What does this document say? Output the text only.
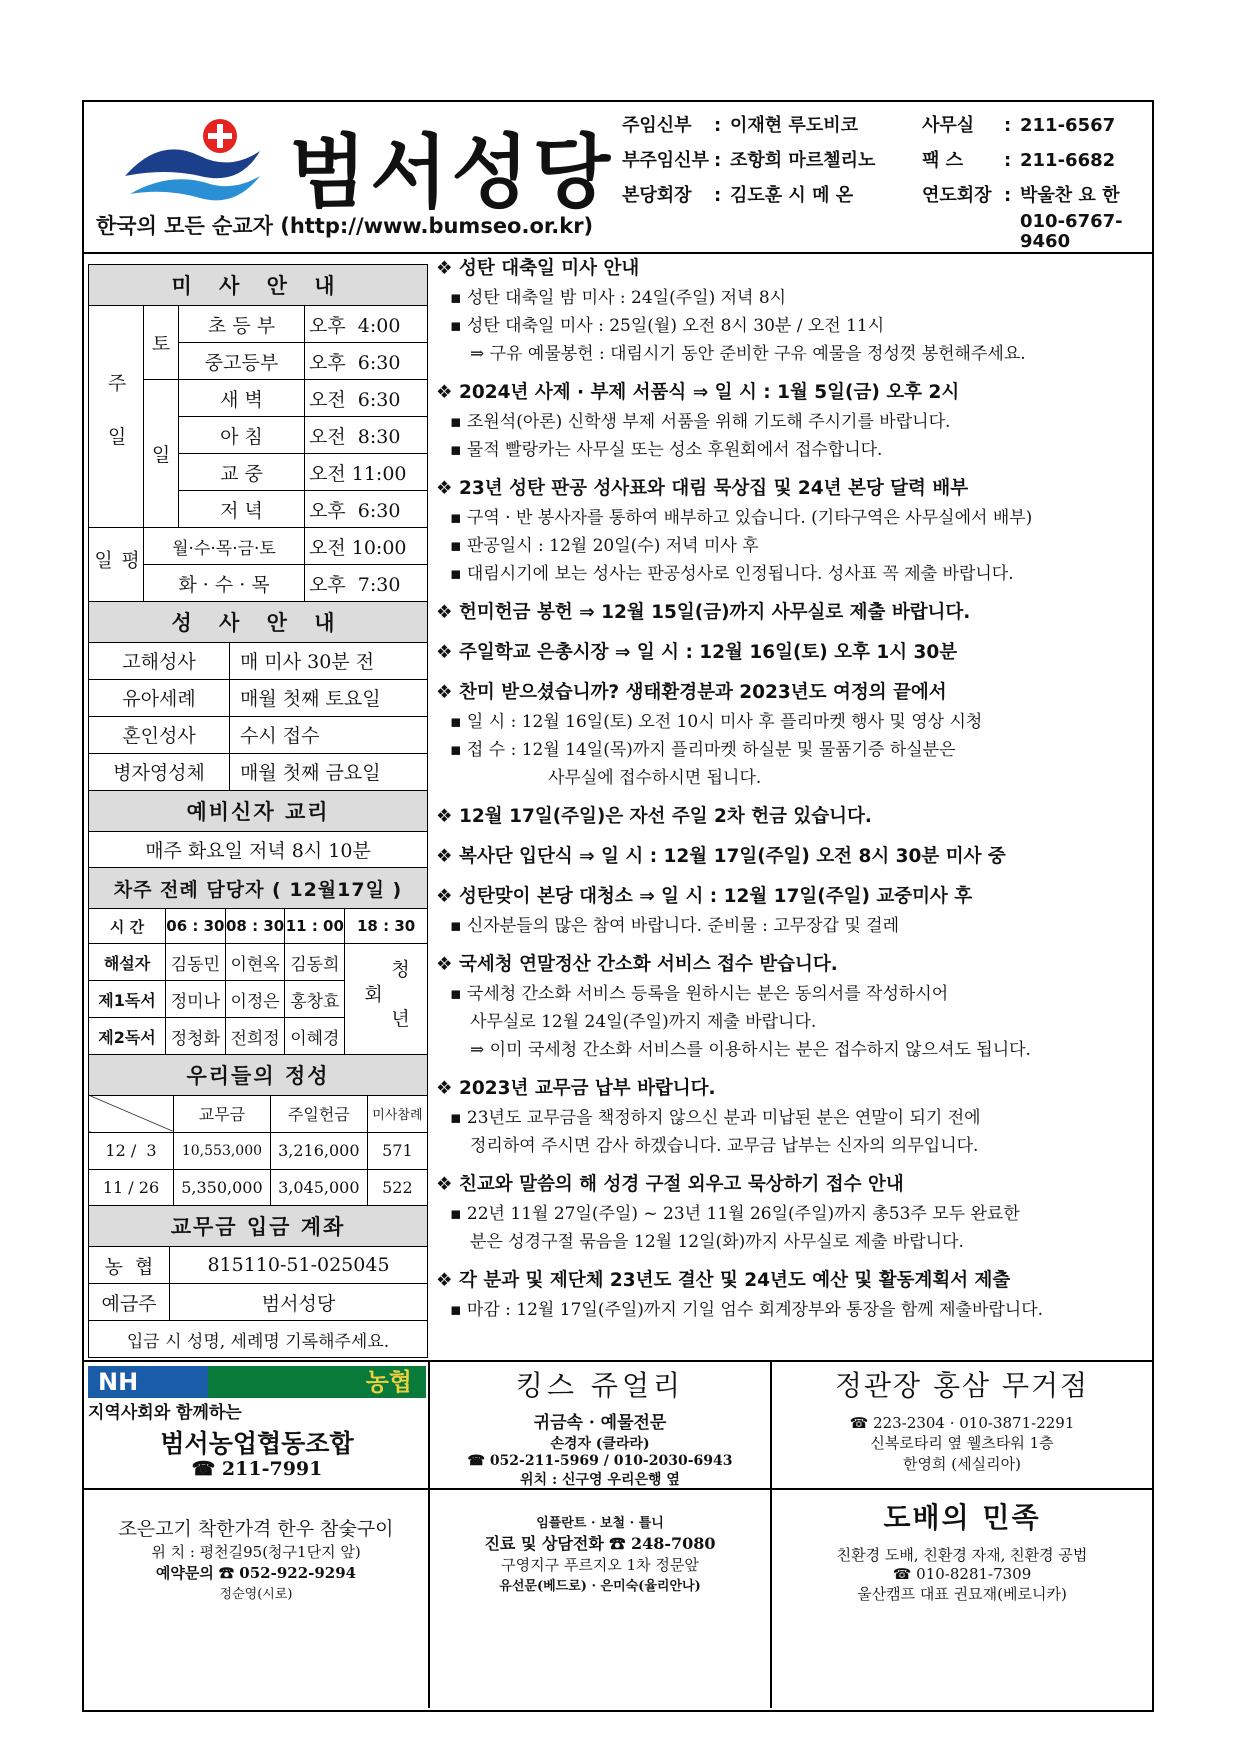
범서성당
한국의 모든 순교자 (http://www.bumseo.or.kr)
주임신부 : 이재현 루도비코	사무실 : 211-6567
부주임신부 : 조항희 마르첼리노	팩 스 : 211-6682
본당회장 : 김도훈 시 메 온	연도회장 : 박울찬 요 한
010-6767-9460
미 사 안 내			
주 일	토	초 등 부	오후  4:00
		중고등부	오후  6:30
	일	새 벽	오전  6:30
		아 침	오전  8:30
		교 중	오전 11:00
		저 녁	오후  6:30
평 일	월·수·목·금·토		오전 10:00
	화 · 수 · 목		오후  7:30
성 사 안 내	
고해성사	매 미사 30분 전
유아세례	매월 첫째 토요일
혼인성사	수시 접수
병자영성체	매월 첫째 금요일
예비신자 교리	
매주 화요일 저녁 8시 10분	
차주 전례 담당자 ( 12월17일 )				
시 간	06 : 30	08 : 30	11 : 00	18 : 30
해설자	김동민	이현옥	김동희	청 년 회
제1독서	정미나	이정은	홍창효	
제2독서	정청화	전희정	이혜경	
우리들의 정성			
	교무금	주일헌금	미사참례
12 /  3	10,553,000	3,216,000	571
11 / 26	5,350,000	3,045,000	522
교무금 입금 계좌	
농  협	815110-51-025045
예금주	범서성당
입금 시 성명, 세례명 기록해주세요.	
❖ 성탄 대축일 미사 안내
▪ 성탄 대축일 밤 미사 : 24일(주일) 저녁 8시
▪ 성탄 대축일 미사 : 25일(월) 오전 8시 30분 / 오전 11시
⇒ 구유 예물봉헌 : 대림시기 동안 준비한 구유 예물을 정성껏 봉헌해주세요.
❖ 2024년 사제 · 부제 서품식 ⇒ 일 시 : 1월 5일(금) 오후 2시
▪ 조원석(아론) 신학생 부제 서품을 위해 기도해 주시기를 바랍니다.
▪ 물적 빨랑카는 사무실 또는 성소 후원회에서 접수합니다.
❖ 23년 성탄 판공 성사표와 대림 묵상집 및 24년 본당 달력 배부
▪ 구역 · 반 봉사자를 통하여 배부하고 있습니다. (기타구역은 사무실에서 배부)
▪ 판공일시 : 12월 20일(수) 저녁 미사 후
▪ 대림시기에 보는 성사는 판공성사로 인정됩니다. 성사표 꼭 제출 바랍니다.
❖ 헌미헌금 봉헌 ⇒ 12월 15일(금)까지 사무실로 제출 바랍니다.
❖ 주일학교 은총시장 ⇒ 일 시 : 12월 16일(토) 오후 1시 30분
❖ 찬미 받으셨습니까? 생태환경분과 2023년도 여정의 끝에서
▪ 일 시 : 12월 16일(토) 오전 10시 미사 후 플리마켓 행사 및 영상 시청
▪ 접 수 : 12월 14일(목)까지 플리마켓 하실분 및 물품기증 하실분은
사무실에 접수하시면 됩니다.
❖ 12월 17일(주일)은 자선 주일 2차 헌금 있습니다.
❖ 복사단 입단식 ⇒ 일 시 : 12월 17일(주일) 오전 8시 30분 미사 중
❖ 성탄맞이 본당 대청소 ⇒ 일 시 : 12월 17일(주일) 교중미사 후
▪ 신자분들의 많은 참여 바랍니다. 준비물 : 고무장갑 및 걸레
❖ 국세청 연말정산 간소화 서비스 접수 받습니다.
▪ 국세청 간소화 서비스 등록을 원하시는 분은 동의서를 작성하시어
사무실로 12월 24일(주일)까지 제출 바랍니다.
⇒ 이미 국세청 간소화 서비스를 이용하시는 분은 접수하지 않으셔도 됩니다.
❖ 2023년 교무금 납부 바랍니다.
▪ 23년도 교무금을 책정하지 않으신 분과 미납된 분은 연말이 되기 전에
정리하여 주시면 감사 하겠습니다. 교무금 납부는 신자의 의무입니다.
❖ 친교와 말씀의 해 성경 구절 외우고 묵상하기 접수 안내
▪ 22년 11월 27일(주일) ~ 23년 11월 26일(주일)까지 총53주 모두 완료한
분은 성경구절 묶음을 12월 12일(화)까지 사무실로 제출 바랍니다.
❖ 각 분과 및 제단체 23년도 결산 및 24년도 예산 및 활동계획서 제출
▪ 마감 : 12월 17일(주일)까지 기일 엄수 회계장부와 통장을 함께 제출바랍니다.
NH	농협
지역사회와 함께하는
범서농업협동조합
☎ 211-7991
킹스 쥬얼리
귀금속 · 예물전문
손경자 (클라라)
☎ 052-211-5969 / 010-2030-6943
위치 : 신구영 우리은행 옆
정관장 홍삼 무거점
☎ 223-2304 · 010-3871-2291
신복로타리 옆 웰츠타워 1층
한영희 (세실리아)
조은고기 착한가격 한우 참숯구이
위 치 : 평천길95(청구1단지 앞)
예약문의 ☎ 052-922-9294
정순영(시로)
임플란트 · 보철 · 틀니
진료 및 상담전화 ☎ 248-7080
구영지구 푸르지오 1차 정문앞
유선문(베드로) · 은미숙(율리안나)
도배의 민족
친환경 도배, 친환경 자재, 친환경 공법
☎ 010-8281-7309
울산캠프 대표 권묘재(베로니카)
